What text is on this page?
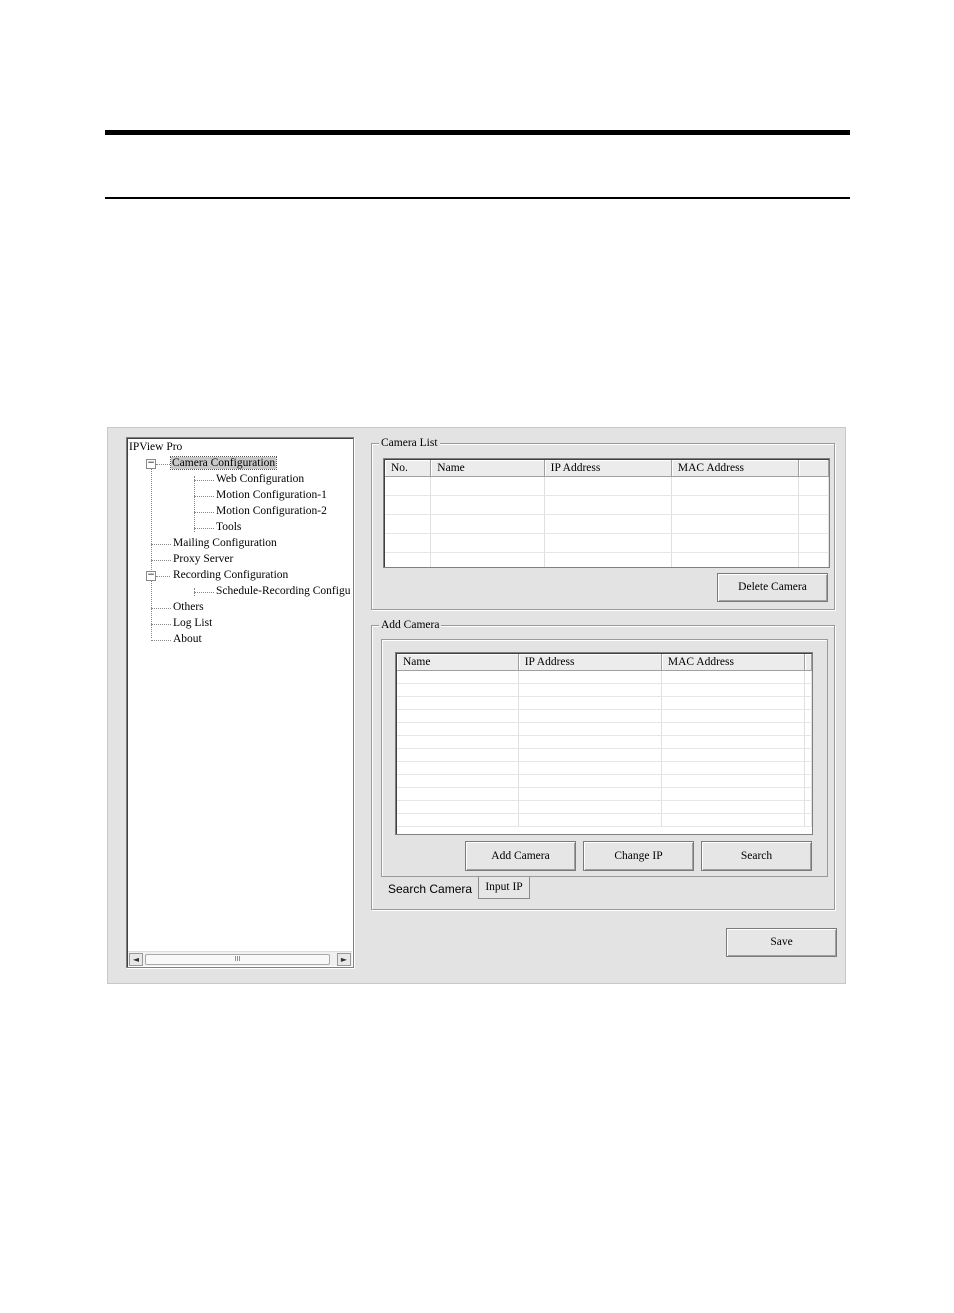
−
−
IPView Pro
Camera Configuration
Web Configuration
Motion Configuration-1
Motion Configuration-2
Tools
Mailing Configuration
Proxy Server
Recording Configuration
Schedule-Recording Configu
Others
Log List
About
◄	III	►
Camera List
No.	Name	IP Address	MAC Address	

Delete Camera
Add Camera
Name	IP Address	MAC Address	

Add Camera	Change IP	Search
Search Camera	Input IP
Save
